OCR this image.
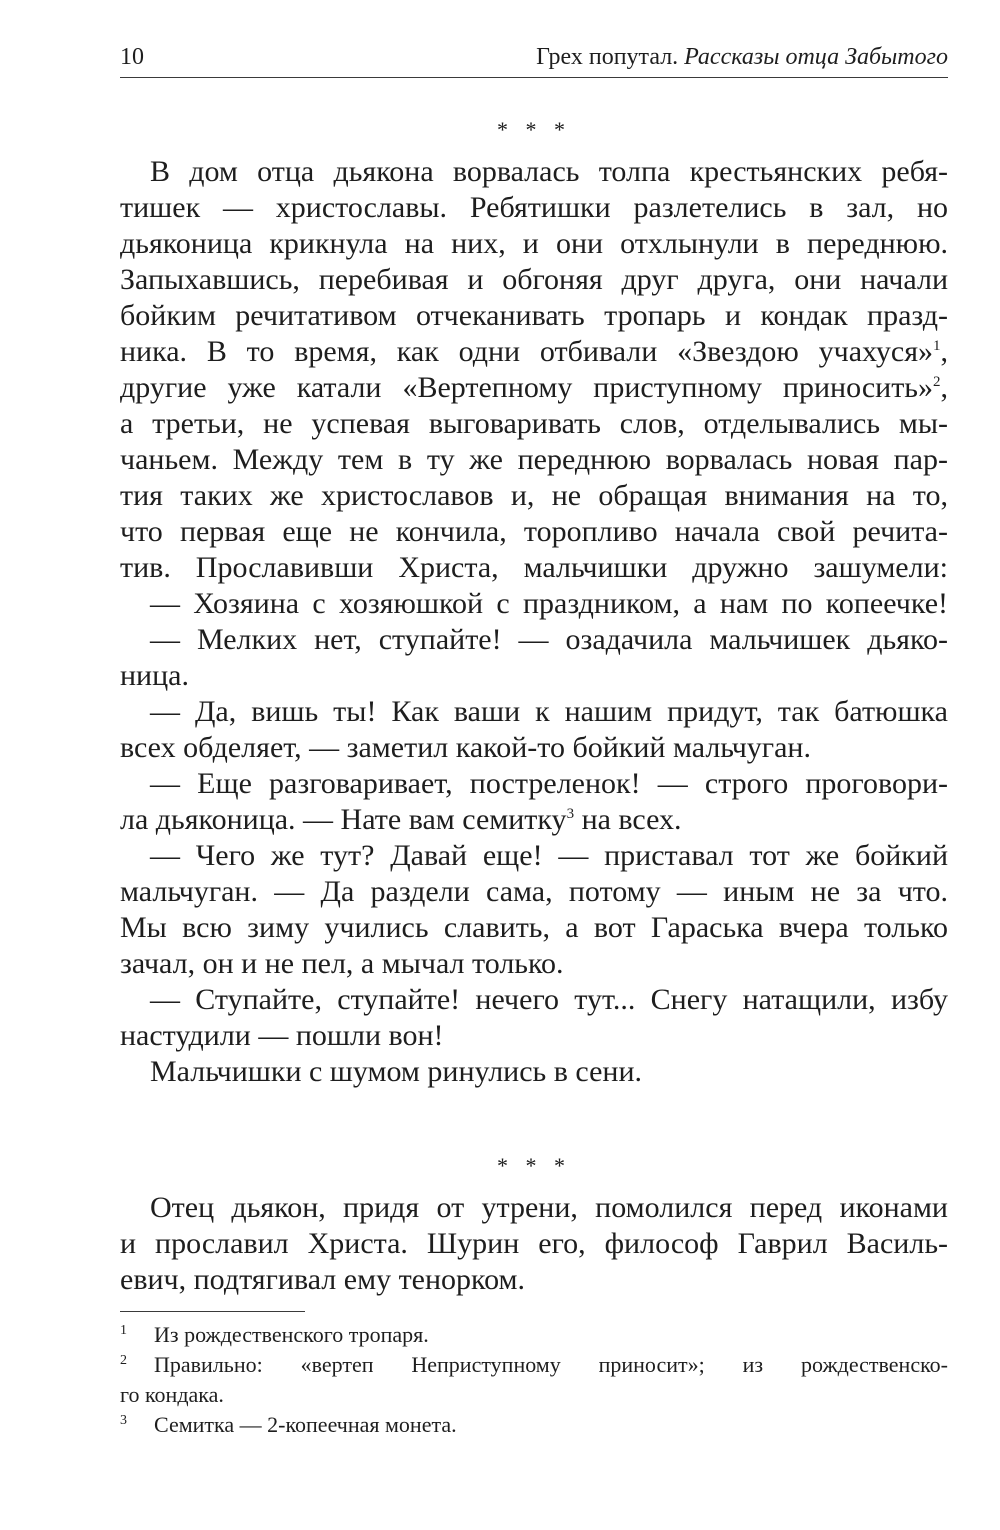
10	Грех попутал. Рассказы отца Забытого
* * *
В дом отца дьякона ворвалась толпа крестьянских ребя-
тишек — христославы. Ребятишки разлетелись в зал, но
дьяконица крикнула на них, и они отхлынули в переднюю.
Запыхавшись, перебивая и обгоняя друг друга, они начали
бойким речитативом отчеканивать тропарь и кондак празд-
ника. В то время, как одни отбивали «Звездою учахуся»$^1$,
другие уже катали «Вертепному приступному приносить»$^2$,
а третьи, не успевая выговаривать слов, отделывались мы-
чаньем. Между тем в ту же переднюю ворвалась новая пар-
тия таких же христославов и, не обращая внимания на то,
что первая еще не кончила, торопливо начала свой речита-
тив. Прославивши Христа, мальчишки дружно зашумели:
— Хозяина с хозяюшкой с праздником, а нам по копеечке!
— Мелких нет, ступайте! — озадачила мальчишек дьяко-
ница.
— Да, вишь ты! Как ваши к нашим придут, так батюшка
всех обделяет, — заметил какой-то бойкий мальчуган.
— Еще разговаривает, постреленок! — строго проговори-
ла дьяконица. — Нате вам семитку$^3$ на всех.
— Чего же тут? Давай еще! — приставал тот же бойкий
мальчуган. — Да раздели сама, потому — иным не за что.
Мы всю зиму учились славить, а вот Гараська вчера только
зачал, он и не пел, а мычал только.
— Ступайте, ступайте! нечего тут... Снегу натащили, избу
настудили — пошли вон!
Мальчишки с шумом ринулись в сени.
* * *
Отец дьякон, придя от утрени, помолился перед иконами
и прославил Христа. Шурин его, философ Гаврил Василь-
евич, подтягивал ему тенорком.
1 Из рождественского тропаря.
2 Правильно: «вертеп Неприступному приносит»; из рождественско-
го кондака.
3 Семитка — 2-копеечная монета.
